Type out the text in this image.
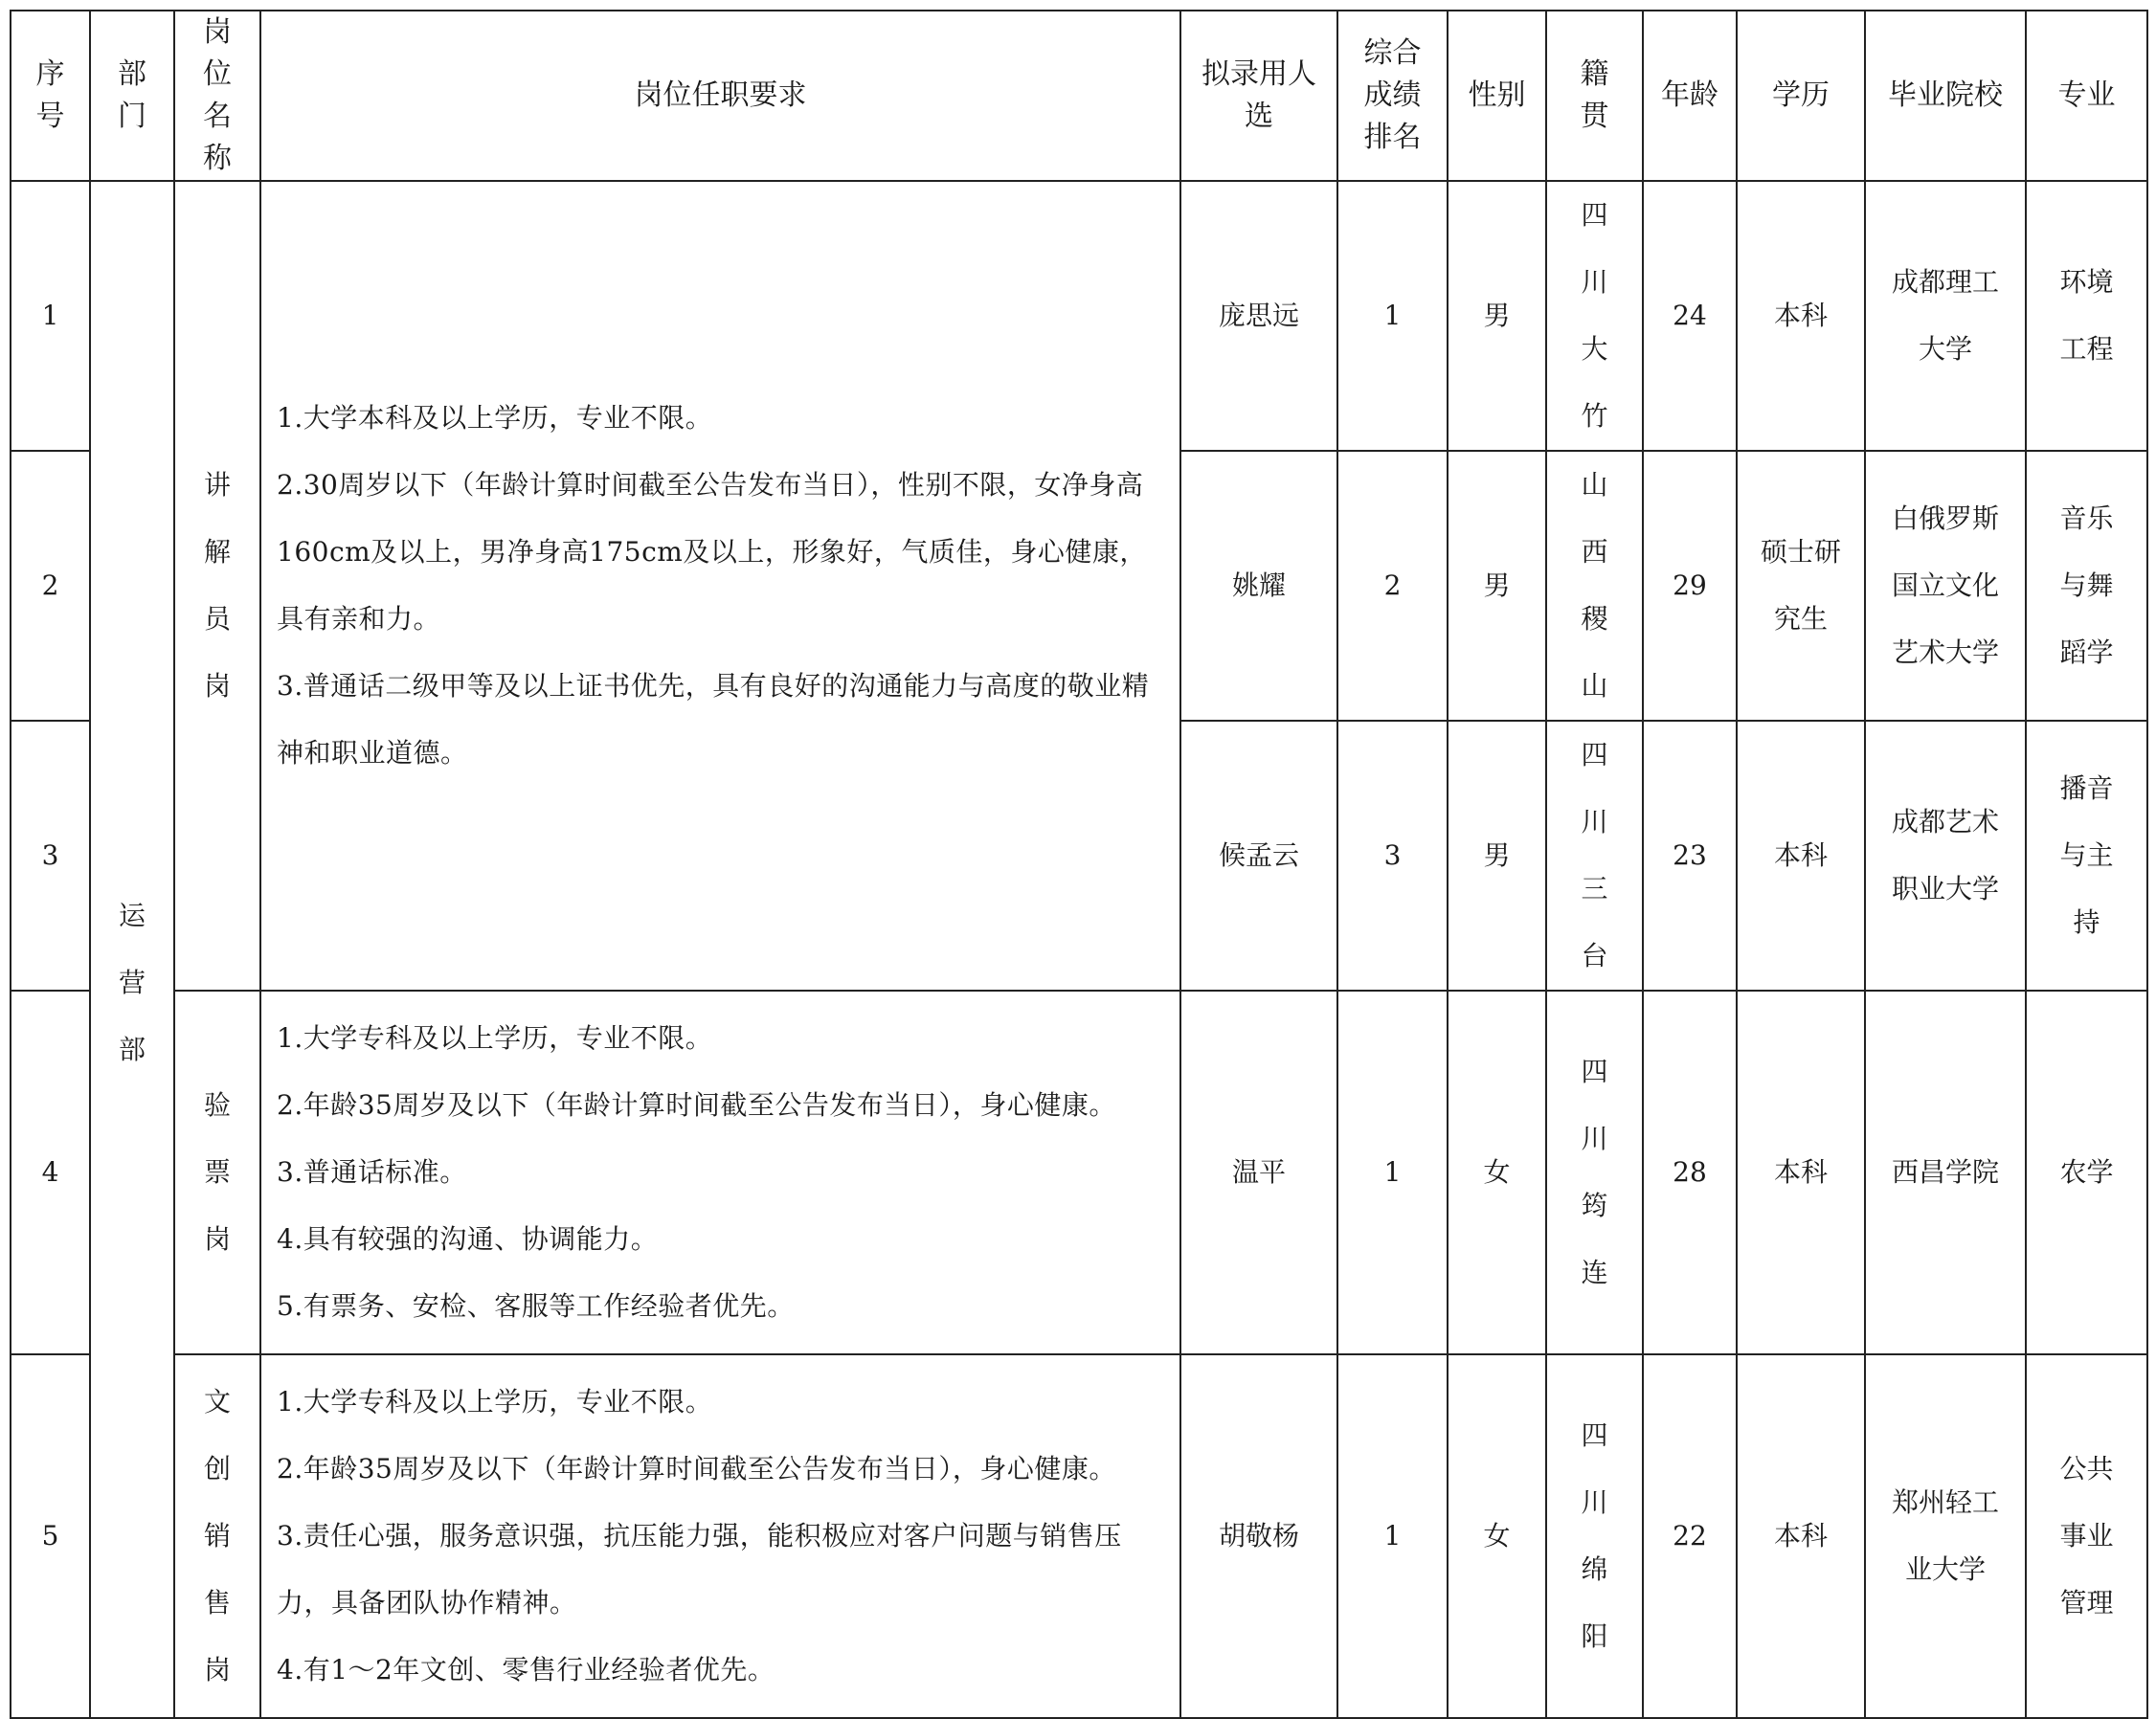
序号	部门	岗位名称	岗位任职要求	拟录用人选	综合成绩排名	性别	籍贯	年龄	学历	毕业院校	专业
1	运营部	讲解员岗	1.大学本科及以上学历，专业不限。
2.30周岁以下（年龄计算时间截至公告发布当日），性别不限，女净身高160cm及以上，男净身高175cm及以上，形象好，气质佳，身心健康，具有亲和力。
3.普通话二级甲等及以上证书优先，具有良好的沟通能力与高度的敬业精神和职业道德。	庞思远	1	男	四川大竹	24	本科	成都理工大学	环境工程
2				姚耀	2	男	山西稷山	29	硕士研究生	白俄罗斯国立文化艺术大学	音乐与舞蹈学
3				候孟云	3	男	四川三台	23	本科	成都艺术职业大学	播音与主持
4		验票岗	1.大学专科及以上学历，专业不限。
2.年龄35周岁及以下（年龄计算时间截至公告发布当日），身心健康。
3.普通话标准。
4.具有较强的沟通、协调能力。
5.有票务、安检、客服等工作经验者优先。	温平	1	女	四川筠连	28	本科	西昌学院	农学
5		文创销售岗	1.大学专科及以上学历，专业不限。
2.年龄35周岁及以下（年龄计算时间截至公告发布当日），身心健康。
3.责任心强，服务意识强，抗压能力强，能积极应对客户问题与销售压力，具备团队协作精神。
4.有1～2年文创、零售行业经验者优先。	胡敬杨	1	女	四川绵阳	22	本科	郑州轻工业大学	公共事业管理
